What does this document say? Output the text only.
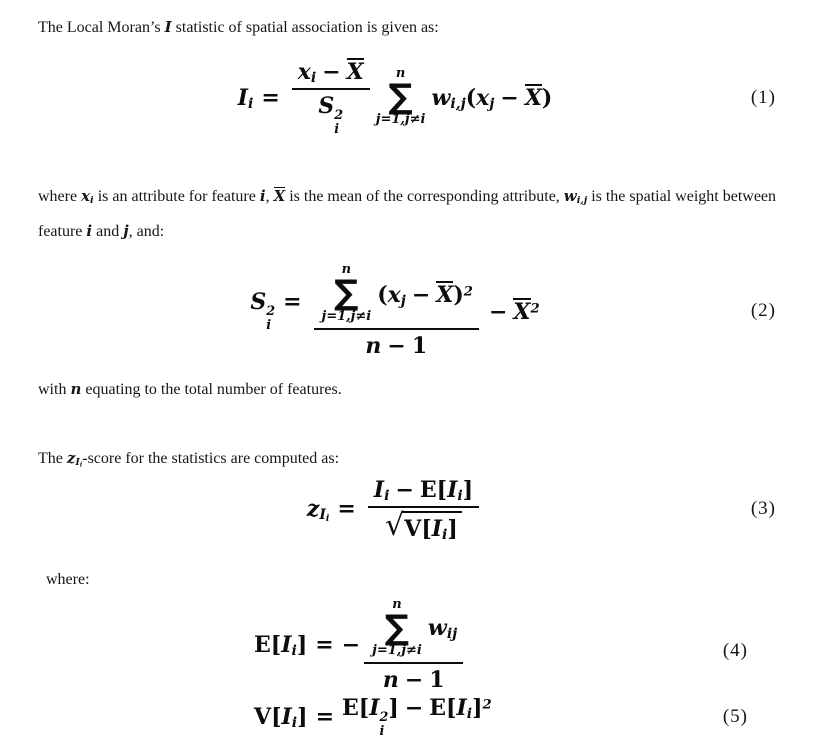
The Local Moran’s I statistic of spatial association is given as:

$I_i = x_i - X$
S 2
i n
∑
j=1,j≠i
$w_{i,j}(x_j - X)$	(1)

where $x_i$ is an attribute for feature i, X is the mean of the corresponding attribute, $w_{i,j}$ is the spatial weight between feature i and j, and:

S 2
i
= n
∑
j=1,j≠i
$(x_j - X)^2$
$n - 1 - X^2$	(2)

with n equating to the total number of features.

The $z_{I_i}$-score for the statistics are computed as:

$z_{I_i} = \frac{I_i - E[I_i]}{√ V[I_i]}$	(3)

where:

$E[I_i]$ = − n
∑
j=1,j≠i
$w_{ij}$
n − 1	(4)
$V[I_i] = E[I$ 2
i
] − $E[I_i]^2$
(5)
